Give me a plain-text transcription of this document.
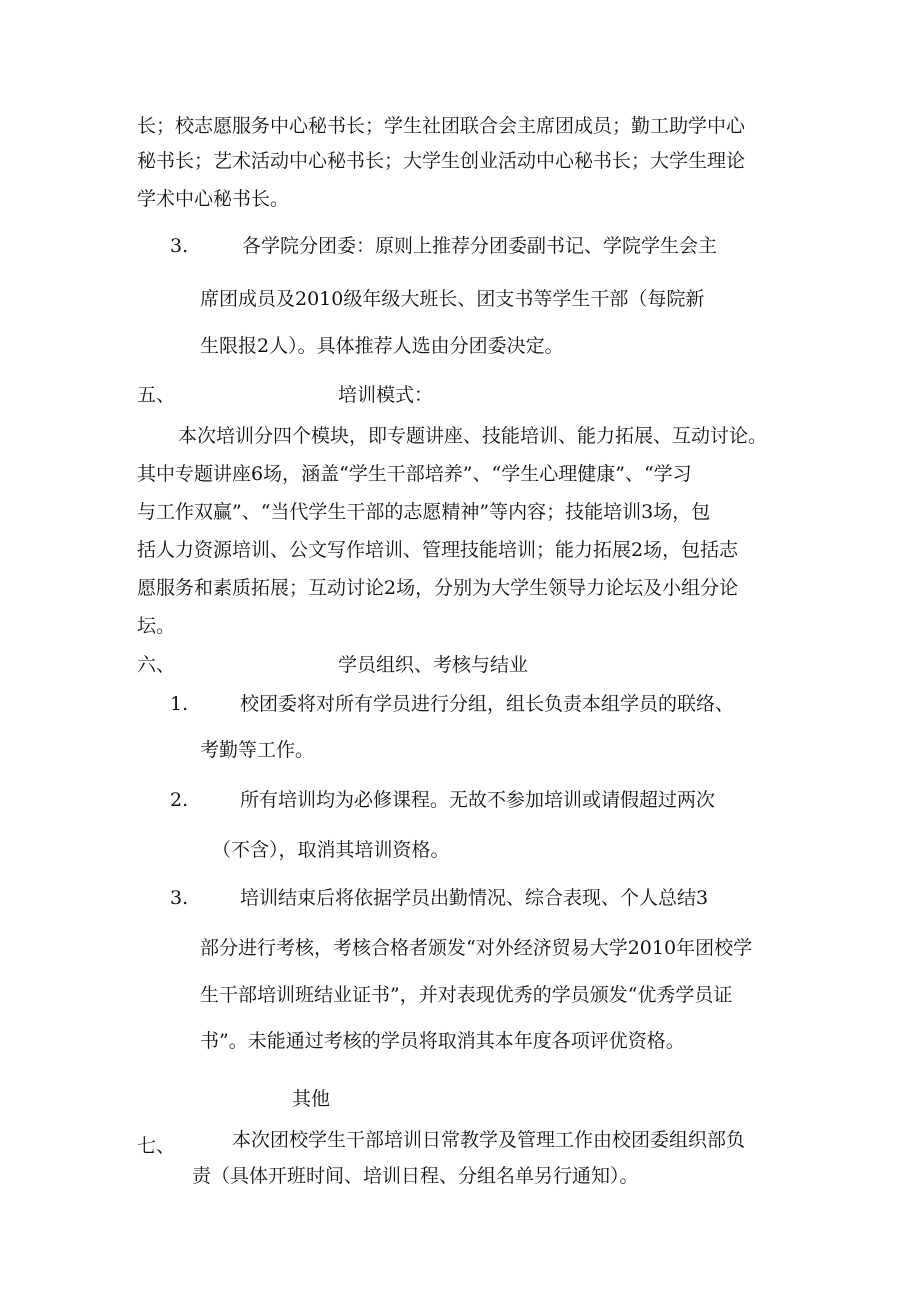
长；校志愿服务中心秘书长；学生社团联合会主席团成员；勤工助学中心
秘书长；艺术活动中心秘书长；大学生创业活动中心秘书长；大学生理论
学术中心秘书长。
3.	各学院分团委：原则上推荐分团委副书记、学院学生会主
席团成员及2010级年级大班长、团支书等学生干部（每院新
生限报2人）。具体推荐人选由分团委决定。
五、	培训模式：
本次培训分四个模块，即专题讲座、技能培训、能力拓展、互动讨论。
其中专题讲座6场，涵盖“学生干部培养”、“学生心理健康”、“学习
与工作双赢”、“当代学生干部的志愿精神”等内容；技能培训3场，包
括人力资源培训、公文写作培训、管理技能培训；能力拓展2场，包括志
愿服务和素质拓展；互动讨论2场，分别为大学生领导力论坛及小组分论
坛。
六、	学员组织、考核与结业
1.	校团委将对所有学员进行分组，组长负责本组学员的联络、
考勤等工作。
2.	所有培训均为必修课程。无故不参加培训或请假超过两次
（不含），取消其培训资格。
3.	培训结束后将依据学员出勤情况、综合表现、个人总结3
部分进行考核，考核合格者颁发“对外经济贸易大学2010年团校学
生干部培训班结业证书”，并对表现优秀的学员颁发“优秀学员证
书”。未能通过考核的学员将取消其本年度各项评优资格。
其他
七、	本次团校学生干部培训日常教学及管理工作由校团委组织部负
责（具体开班时间、培训日程、分组名单另行通知）。
